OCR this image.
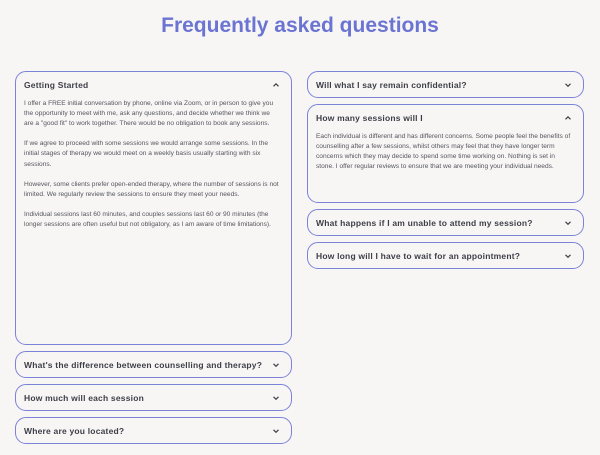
Frequently asked questions
Getting Started

I offer a FREE initial conversation by phone, online via Zoom, or in person to give you the opportunity to meet with me, ask any questions, and decide whether we think we are a "good fit" to work together. There would be no obligation to book any sessions.

If we agree to proceed with some sessions we would arrange some sessions. In the initial stages of therapy we would meet on a weekly basis usually starting with six sessions.

However, some clients prefer open-ended therapy, where the number of sessions is not limited. We regularly review the sessions to ensure they meet your needs.

Individual sessions last 60 minutes, and couples sessions last 60 or 90 minutes (the longer sessions are often useful but not obligatory, as I am aware of time limitations).

What's the difference between counselling and therapy?
How much will each session
Where are you located?
Will what I say remain confidential?
How many sessions will I

Each individual is different and has different concerns. Some people feel the benefits of counselling after a few sessions, whilst others may feel that they have longer term concerns which they may decide to spend some time working on. Nothing is set in stone. I offer regular reviews to ensure that we are meeting your individual needs.

What happens if I am unable to attend my session?
How long will I have to wait for an appointment?
